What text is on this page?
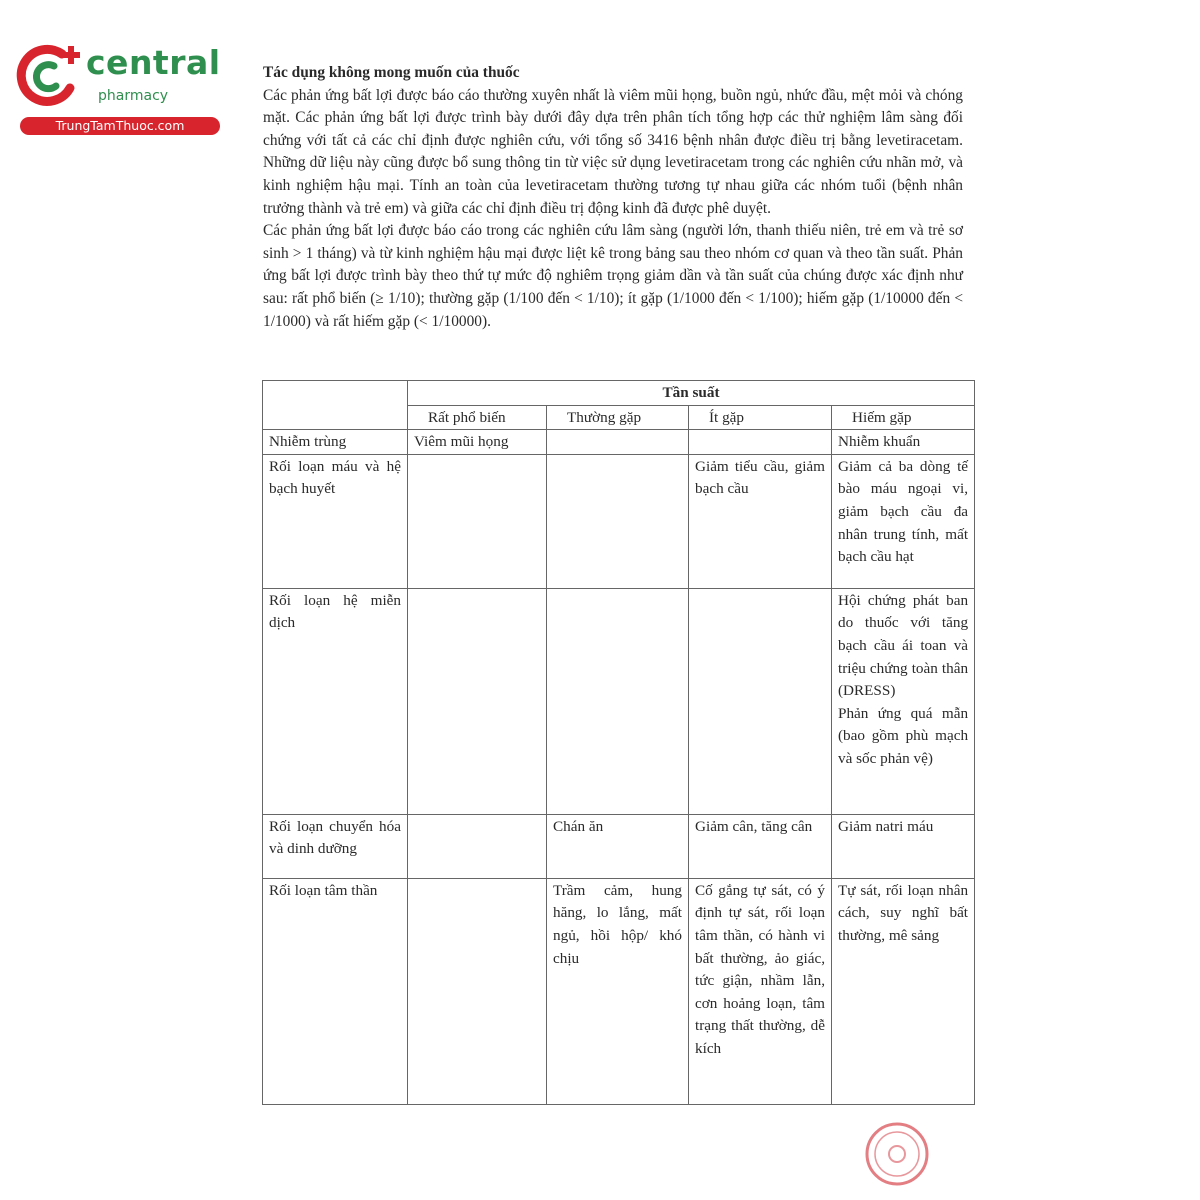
central
pharmacy
TrungTamThuoc.com
Tác dụng không mong muốn của thuốc

Các phản ứng bất lợi được báo cáo thường xuyên nhất là viêm mũi họng, buồn ngủ, nhức đầu, mệt mỏi và chóng mặt. Các phản ứng bất lợi được trình bày dưới đây dựa trên phân tích tổng hợp các thử nghiệm lâm sàng đối chứng với tất cả các chỉ định được nghiên cứu, với tổng số 3416 bệnh nhân được điều trị bằng levetiracetam. Những dữ liệu này cũng được bổ sung thông tin từ việc sử dụng levetiracetam trong các nghiên cứu nhãn mở, và kinh nghiệm hậu mại. Tính an toàn của levetiracetam thường tương tự nhau giữa các nhóm tuổi (bệnh nhân trưởng thành và trẻ em) và giữa các chỉ định điều trị động kinh đã được phê duyệt.

Các phản ứng bất lợi được báo cáo trong các nghiên cứu lâm sàng (người lớn, thanh thiếu niên, trẻ em và trẻ sơ sinh > 1 tháng) và từ kinh nghiệm hậu mại được liệt kê trong bảng sau theo nhóm cơ quan và theo tần suất. Phản ứng bất lợi được trình bày theo thứ tự mức độ nghiêm trọng giảm dần và tần suất của chúng được xác định như sau: rất phổ biến (≥ 1/10); thường gặp (1/100 đến < 1/10); ít gặp (1/1000 đến < 1/100); hiếm gặp (1/10000 đến < 1/1000) và rất hiếm gặp (< 1/10000).

	Tần suất			
	Rất phổ biến	Thường gặp	Ít gặp	Hiếm gặp
Nhiễm trùng	Viêm mũi họng			Nhiễm khuẩn
Rối loạn máu và hệ bạch huyết			Giảm tiểu cầu, giảm bạch cầu	Giảm cả ba dòng tế bào máu ngoại vi, giảm bạch cầu đa nhân trung tính, mất bạch cầu hạt
Rối loạn hệ miễn dịch				Hội chứng phát ban do thuốc với tăng bạch cầu ái toan và triệu chứng toàn thân (DRESS)
Phản ứng quá mẫn (bao gồm phù mạch và sốc phản vệ)

Rối loạn chuyển hóa và dinh dưỡng		Chán ăn	Giảm cân, tăng cân	Giảm natri máu
Rối loạn tâm thần		Trầm cảm, hung hăng, lo lắng, mất ngủ, hồi hộp/ khó chịu	Cố gắng tự sát, có ý định tự sát, rối loạn tâm thần, có hành vi bất thường, ảo giác, tức giận, nhầm lẫn, cơn hoảng loạn, tâm trạng thất thường, dễ kích	Tự sát, rối loạn nhân cách, suy nghĩ bất thường, mê sảng
